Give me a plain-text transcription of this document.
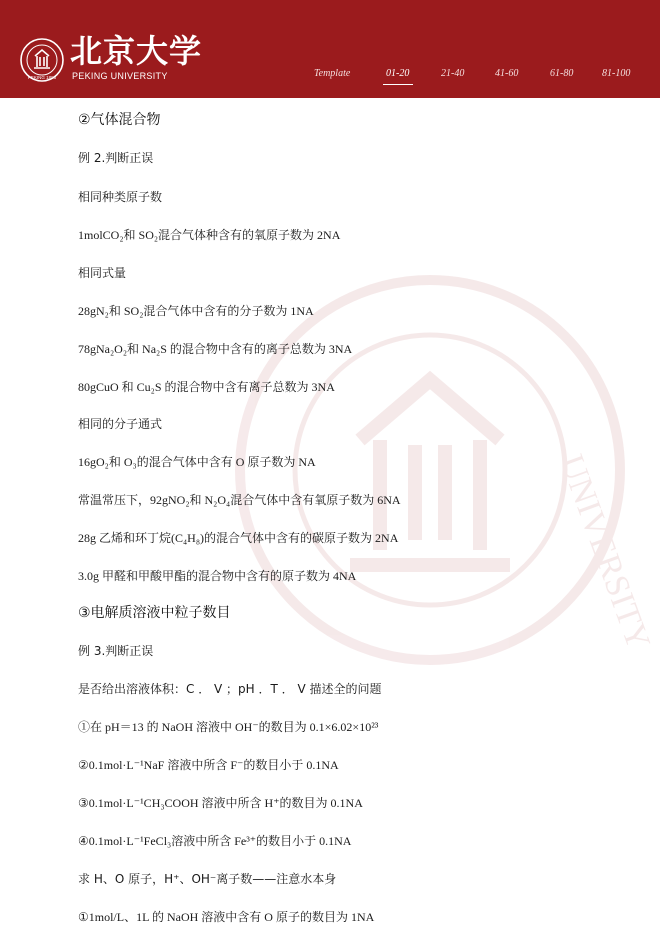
PEKING 1898
北京大学
PEKING UNIVERSITY	Template	01-20	21-40	41-60	61-80	81-100
UNIVERSITY
②气体混合物
例 2.判断正误
相同种类原子数
1molCO₂和 SO₂混合气体种含有的氧原子数为 2NA
相同式量
28gN₂和 SO₂混合气体中含有的分子数为 1NA
78gNa₂O₂和 Na₂S 的混合物中含有的离子总数为 3NA
80gCuO 和 Cu₂S 的混合物中含有离子总数为 3NA
相同的分子通式
16gO₂和 O₃的混合气体中含有 O 原子数为 NA
常温常压下，92gNO₂和 N₂O₄混合气体中含有氧原子数为 6NA
28g 乙烯和环丁烷(C₄H₈)的混合气体中含有的碳原子数为 2NA
3.0g 甲醛和甲酸甲酯的混合物中含有的原子数为 4NA
③电解质溶液中粒子数目
例 3.判断正误
是否给出溶液体积：C ． V ；pH ．T ． V 描述全的问题
①在 pH＝13 的 NaOH 溶液中 OH⁻的数目为 0.1×6.02×10²³
②0.1mol·L⁻¹NaF 溶液中所含 F⁻的数目小于 0.1NA
③0.1mol·L⁻¹CH₃COOH 溶液中所含 H⁺的数目为 0.1NA
④0.1mol·L⁻¹FeCl₃溶液中所含 Fe³⁺的数目小于 0.1NA
求 H、O 原子，H⁺、OH⁻离子数——注意水本身
①1mol/L、1L 的 NaOH 溶液中含有 O 原子的数目为 1NA
